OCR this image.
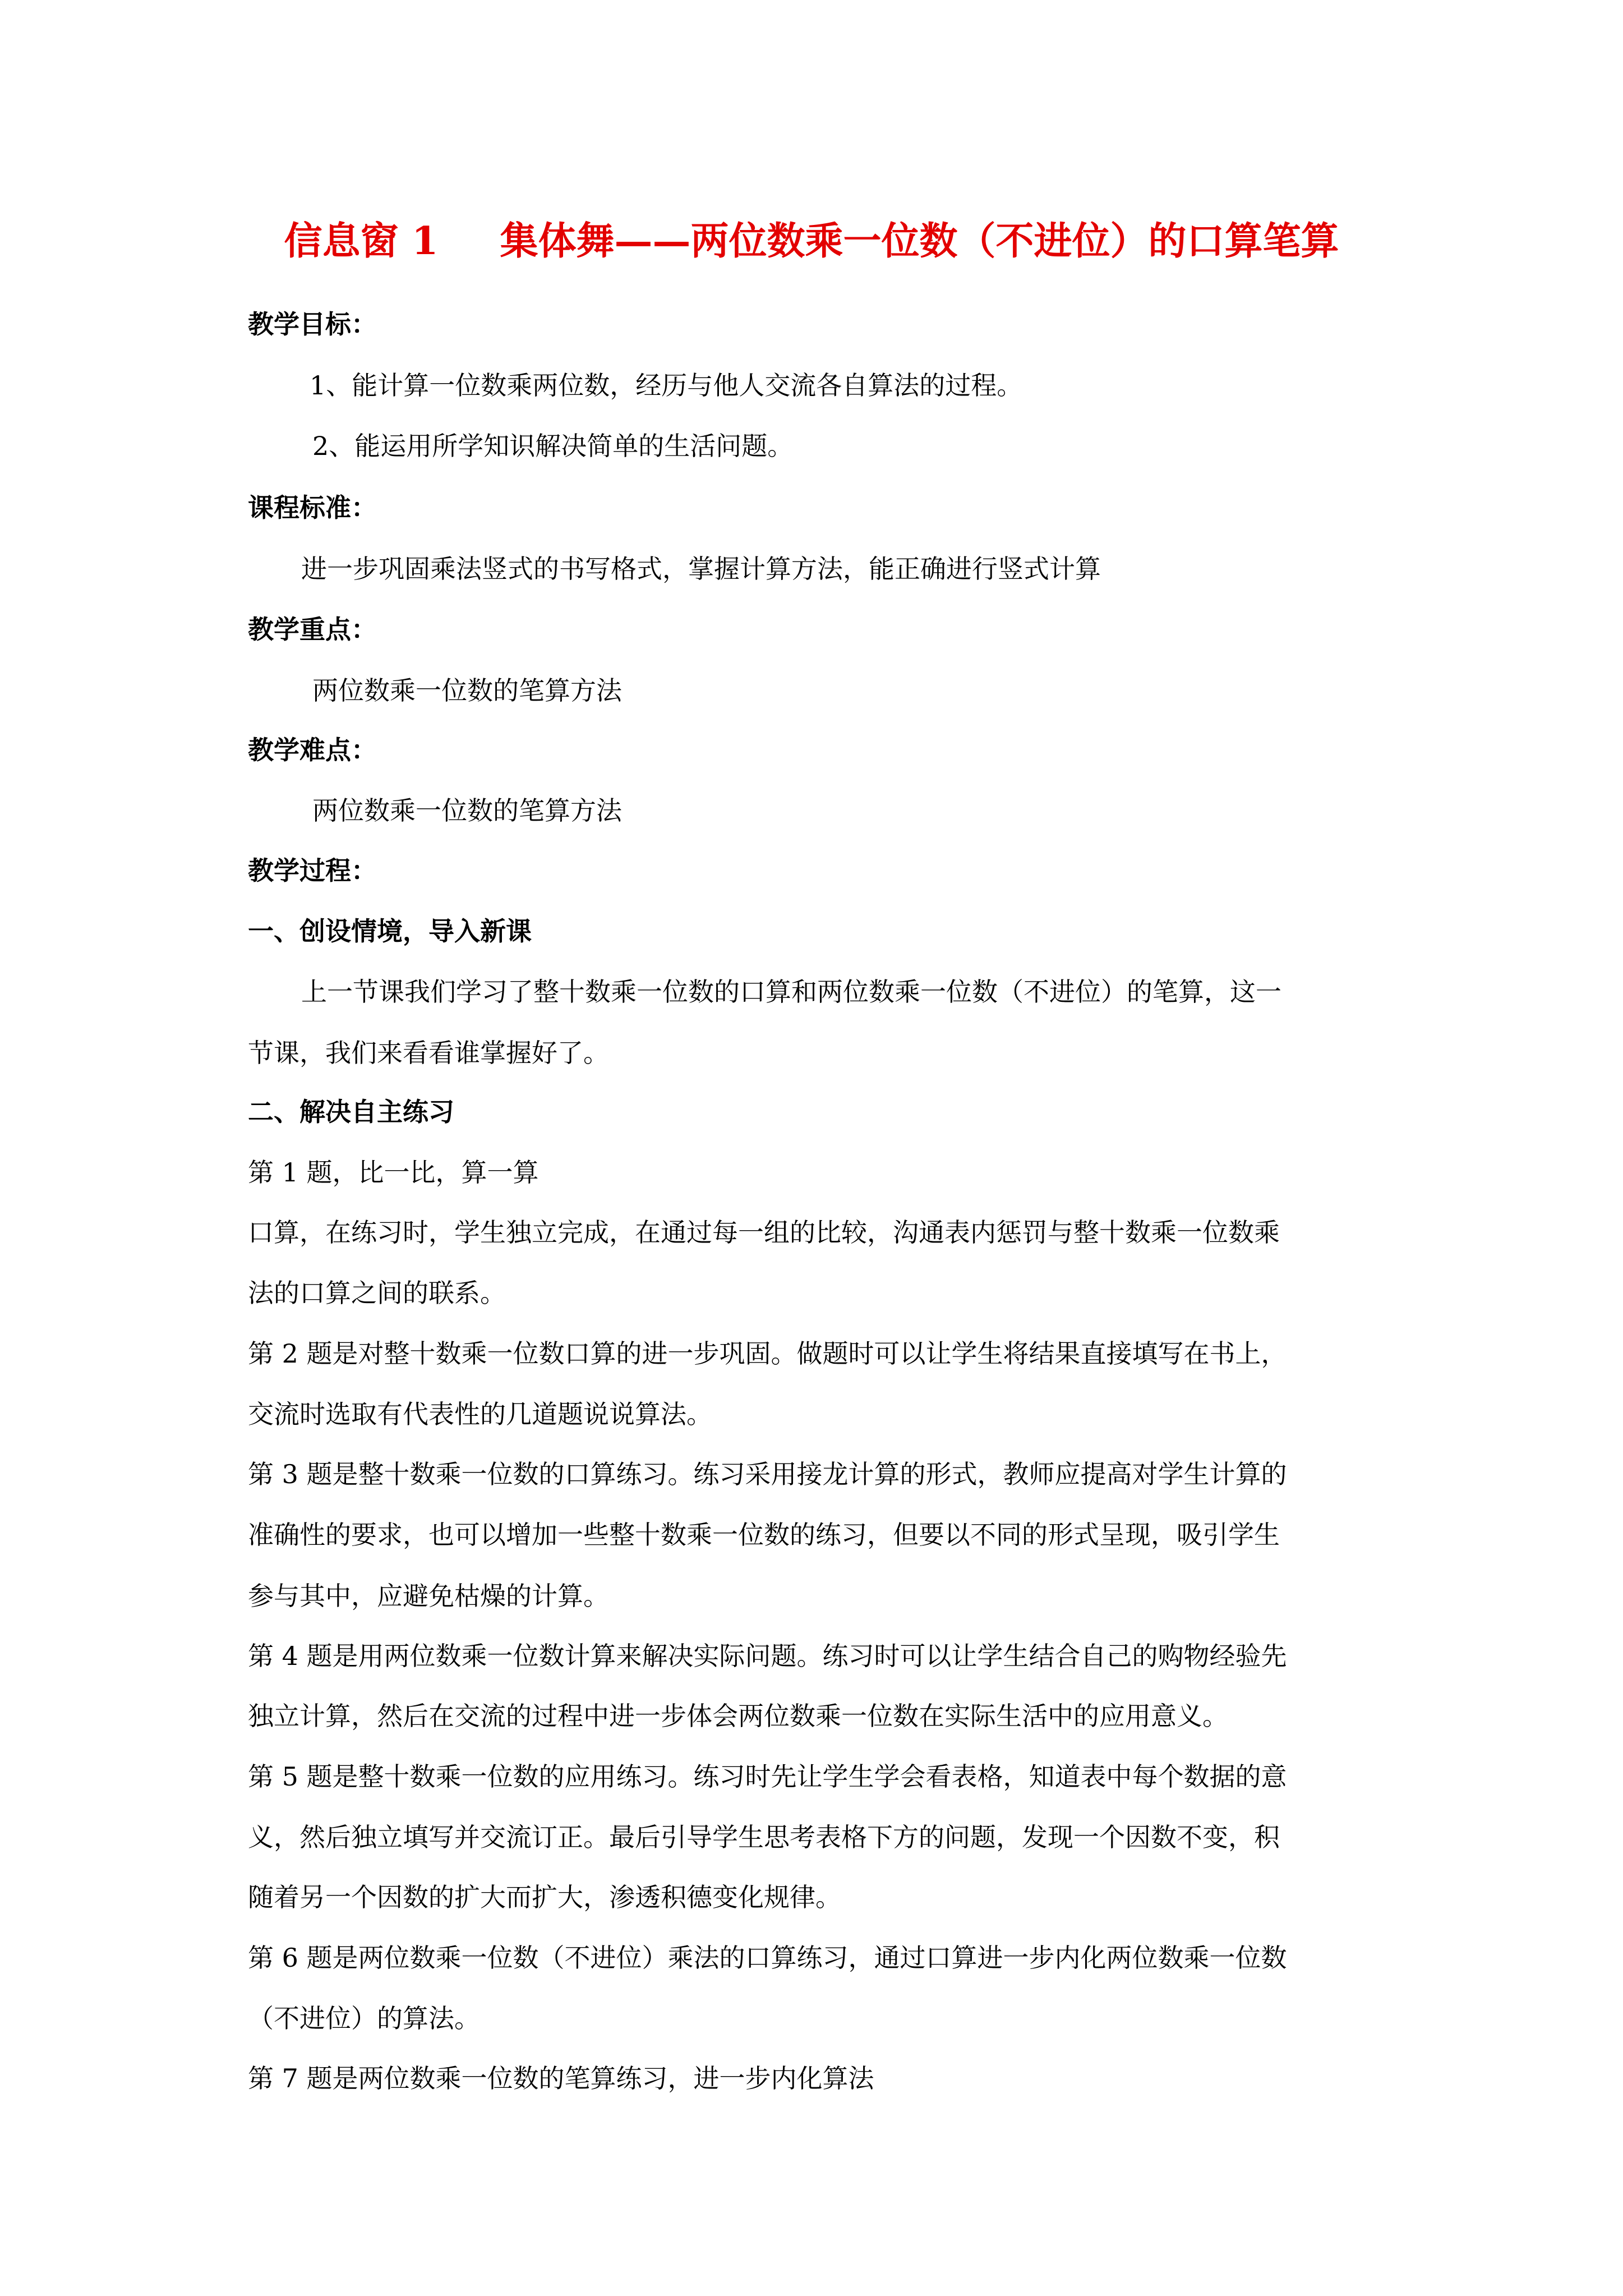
信息窗 1 集体舞——两位数乘一位数（不进位）的口算笔算
教学目标：
1、能计算一位数乘两位数，经历与他人交流各自算法的过程。
2、能运用所学知识解决简单的生活问题。
课程标准：
进一步巩固乘法竖式的书写格式，掌握计算方法，能正确进行竖式计算
教学重点：
两位数乘一位数的笔算方法
教学难点：
两位数乘一位数的笔算方法
教学过程：
一、创设情境，导入新课
上一节课我们学习了整十数乘一位数的口算和两位数乘一位数（不进位）的笔算，这一
节课，我们来看看谁掌握好了。
二、解决自主练习
第 1 题，比一比，算一算
口算，在练习时，学生独立完成，在通过每一组的比较，沟通表内惩罚与整十数乘一位数乘
法的口算之间的联系。
第 2 题是对整十数乘一位数口算的进一步巩固。做题时可以让学生将结果直接填写在书上，
交流时选取有代表性的几道题说说算法。
第 3 题是整十数乘一位数的口算练习。练习采用接龙计算的形式，教师应提高对学生计算的
准确性的要求，也可以增加一些整十数乘一位数的练习，但要以不同的形式呈现，吸引学生
参与其中，应避免枯燥的计算。
第 4 题是用两位数乘一位数计算来解决实际问题。练习时可以让学生结合自己的购物经验先
独立计算，然后在交流的过程中进一步体会两位数乘一位数在实际生活中的应用意义。
第 5 题是整十数乘一位数的应用练习。练习时先让学生学会看表格，知道表中每个数据的意
义，然后独立填写并交流订正。最后引导学生思考表格下方的问题，发现一个因数不变，积
随着另一个因数的扩大而扩大，渗透积德变化规律。
第 6 题是两位数乘一位数（不进位）乘法的口算练习，通过口算进一步内化两位数乘一位数
（不进位）的算法。
第 7 题是两位数乘一位数的笔算练习，进一步内化算法
